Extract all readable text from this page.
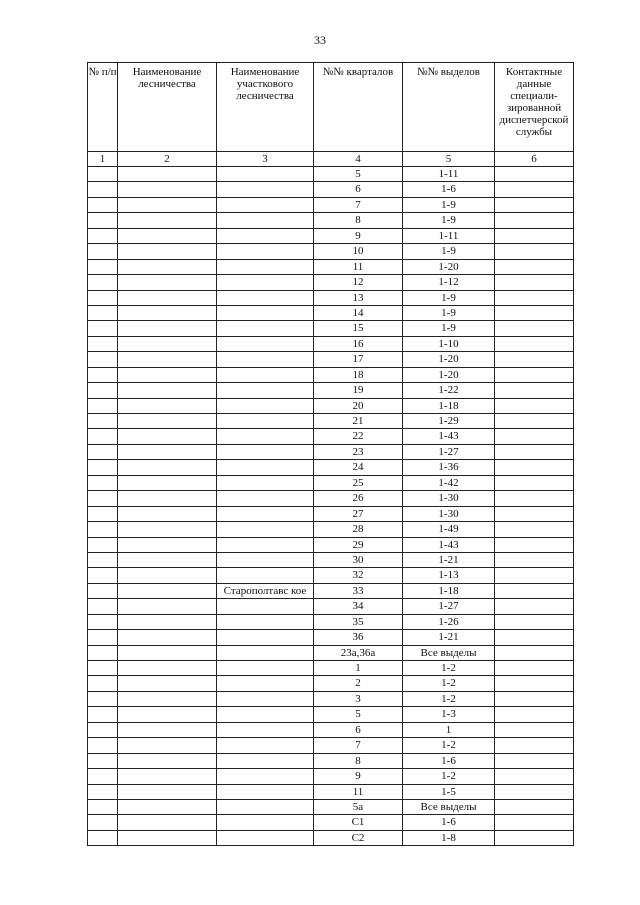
33
№ п/п	Наименование лесничества	Наименование участкового лесничества	№№ кварталов	№№ выделов	Контактные данные специали-зированной диспетчерской службы
1	2	3	4	5	6
			5	1-11	
			6	1-6	
			7	1-9	
			8	1-9	
			9	1-11	
			10	1-9	
			11	1-20	
			12	1-12	
			13	1-9	
			14	1-9	
			15	1-9	
			16	1-10	
			17	1-20	
			18	1-20	
			19	1-22	
			20	1-18	
			21	1-29	
			22	1-43	
			23	1-27	
			24	1-36	
			25	1-42	
			26	1-30	
			27	1-30	
			28	1-49	
			29	1-43	
			30	1-21	
			32	1-13	
		Старополтавс кое	33	1-18	
			34	1-27	
			35	1-26	
			36	1-21	
			23а,36а	Все выделы	
			1	1-2	
			2	1-2	
			3	1-2	
			5	1-3	
			6	1	
			7	1-2	
			8	1-6	
			9	1-2	
			11	1-5	
			5а	Все выделы	
			С1	1-6	
			С2	1-8	
